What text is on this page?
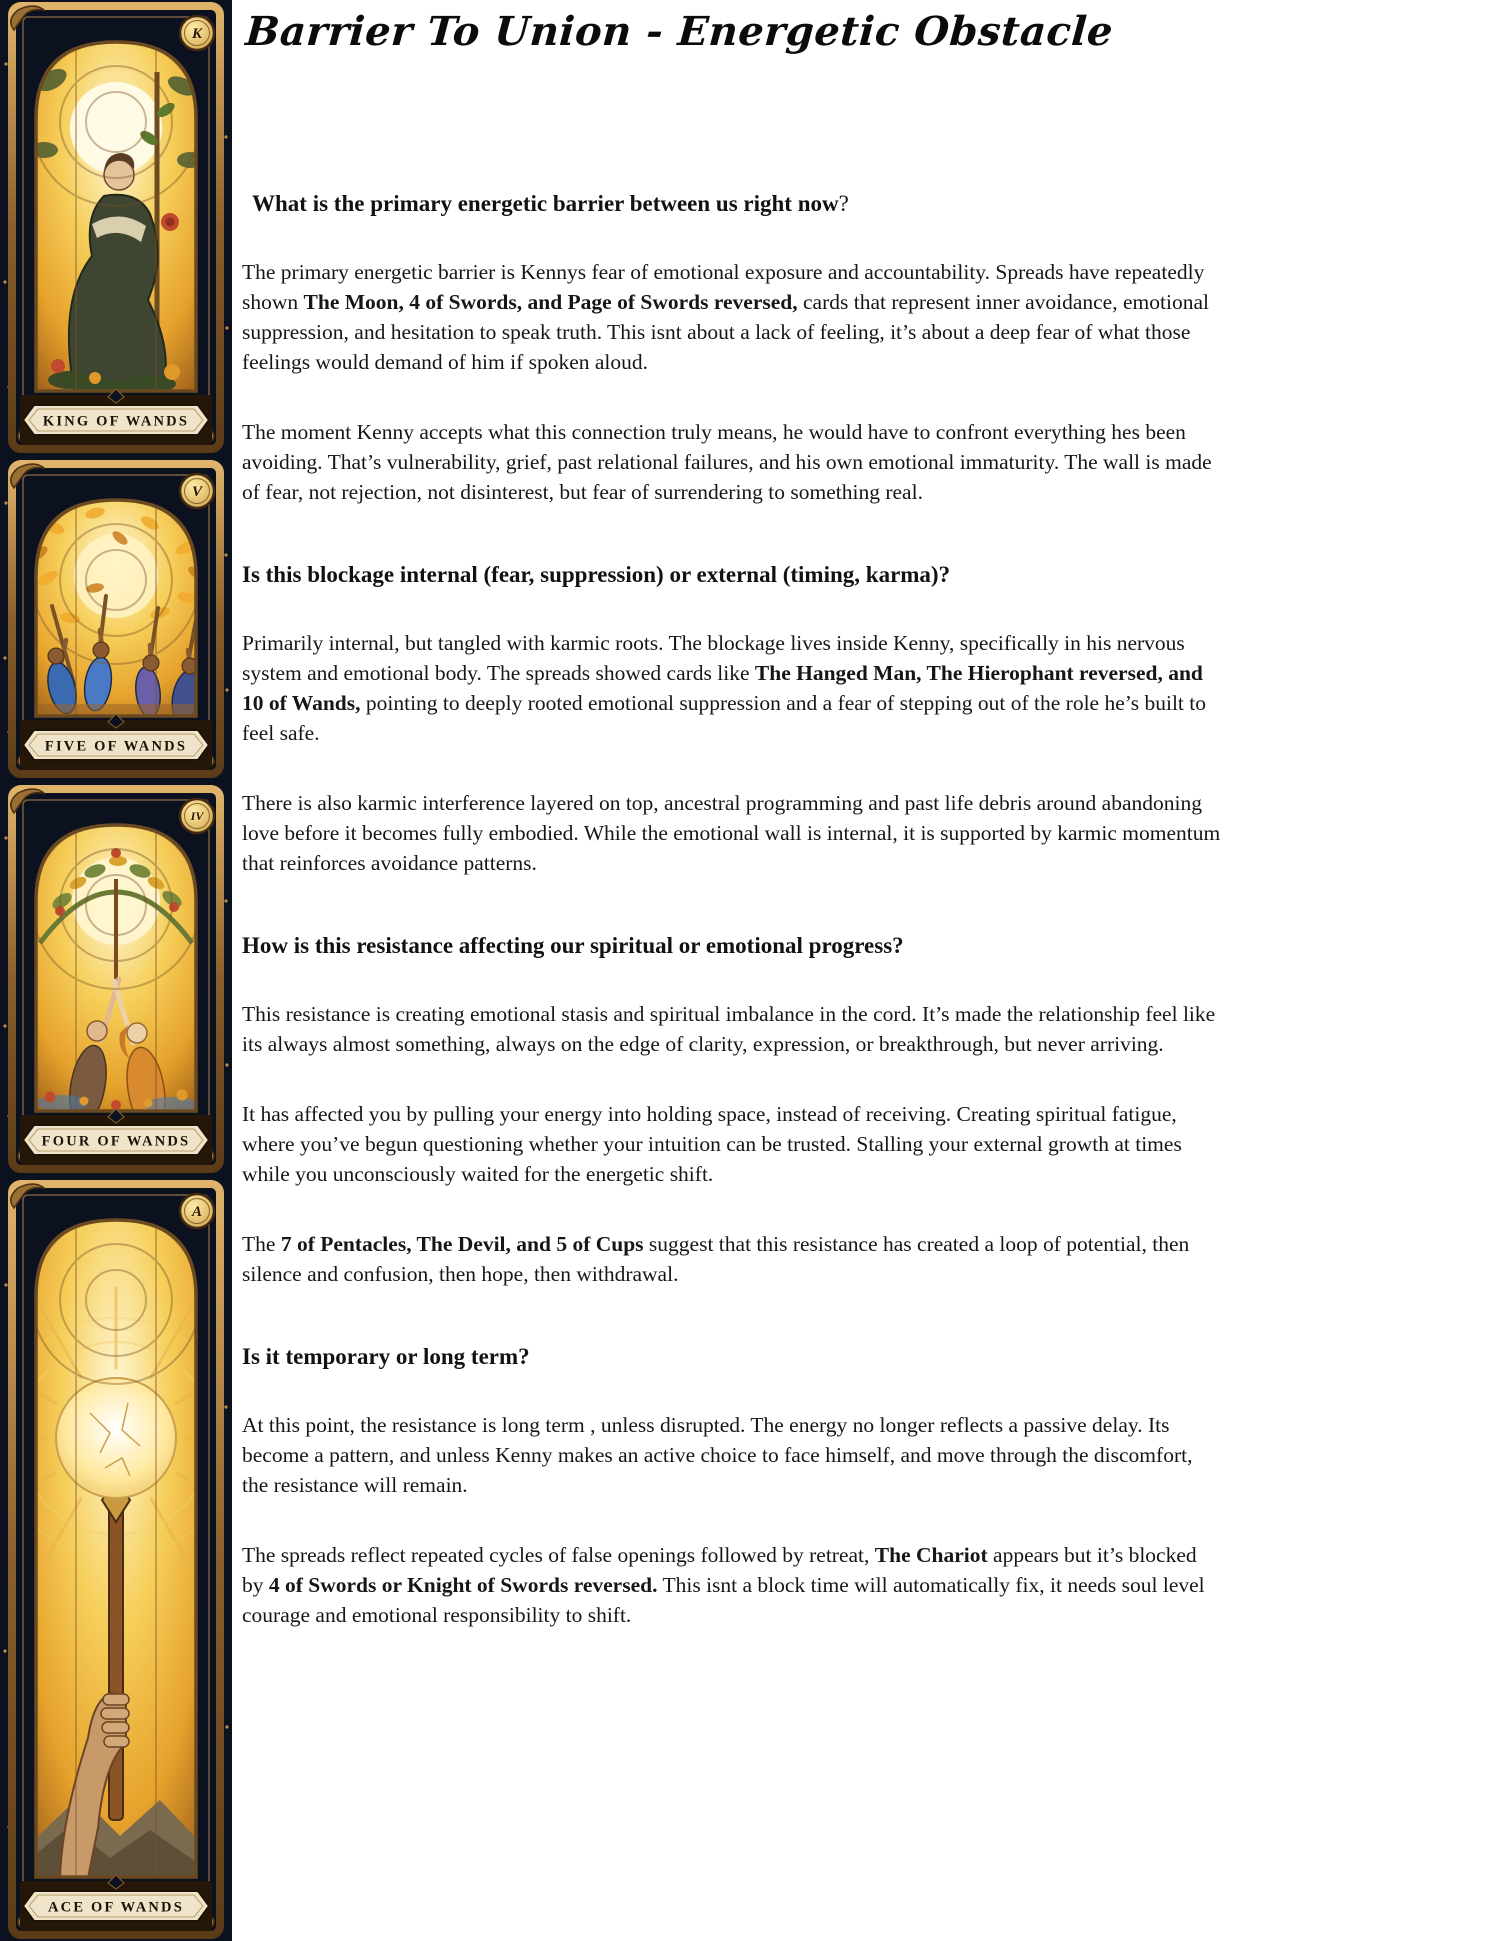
KING OF WANDS
K
FIVE OF WANDS
V
FOUR OF WANDS
IV
ACE OF WANDS
A
Barrier To Union - Energetic Obstacle
What is the primary energetic barrier between us right now?

The primary energetic barrier is Kennys fear of emotional exposure and accountability. Spreads have repeatedly shown The Moon, 4 of Swords, and Page of Swords reversed, cards that represent inner avoidance, emotional suppression, and hesitation to speak truth. This isnt about a lack of feeling, it’s about a deep fear of what those feelings would demand of him if spoken aloud.

The moment Kenny accepts what this connection truly means, he would have to confront everything hes been avoiding. That’s vulnerability, grief, past relational failures, and his own emotional immaturity. The wall is made of fear, not rejection, not disinterest, but fear of surrendering to something real.

Is this blockage internal (fear, suppression) or external (timing, karma)?

Primarily internal, but tangled with karmic roots. The blockage lives inside Kenny, specifically in his nervous system and emotional body. The spreads showed cards like The Hanged Man, The Hierophant reversed, and 10 of Wands, pointing to deeply rooted emotional suppression and a fear of stepping out of the role he’s built to feel safe.

There is also karmic interference layered on top, ancestral programming and past life debris around abandoning love before it becomes fully embodied. While the emotional wall is internal, it is supported by karmic momentum that reinforces avoidance patterns.

How is this resistance affecting our spiritual or emotional progress?

This resistance is creating emotional stasis and spiritual imbalance in the cord. It’s made the relationship feel like its always almost something, always on the edge of clarity, expression, or breakthrough, but never arriving.

It has affected you by pulling your energy into holding space, instead of receiving. Creating spiritual fatigue, where you’ve begun questioning whether your intuition can be trusted. Stalling your external growth at times while you unconsciously waited for the energetic shift.

The 7 of Pentacles, The Devil, and 5 of Cups suggest that this resistance has created a loop of potential, then silence and confusion, then hope, then withdrawal.

Is it temporary or long term?

At this point, the resistance is long term , unless disrupted. The energy no longer reflects a passive delay. Its become a pattern, and unless Kenny makes an active choice to face himself, and move through the discomfort, the resistance will remain.

The spreads reflect repeated cycles of false openings followed by retreat, The Chariot appears but it’s blocked by 4 of Swords or Knight of Swords reversed. This isnt a block time will automatically fix, it needs soul level courage and emotional responsibility to shift.
